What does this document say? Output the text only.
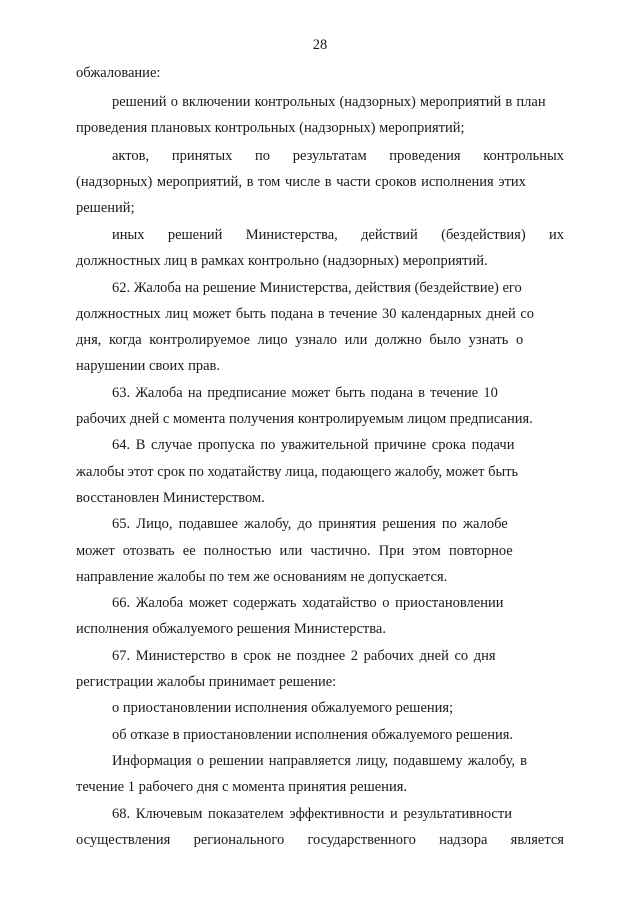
28
обжалование:
решений о включении контрольных (надзорных) мероприятий в план
проведения плановых контрольных (надзорных) мероприятий;
актов, принятых по результатам проведения контрольных
(надзорных) мероприятий, в том числе в части сроков исполнения этих
решений;
иных решений Министерства, действий (бездействия) их
должностных лиц в рамках контрольно (надзорных) мероприятий.
62. Жалоба на решение Министерства, действия (бездействие) его
должностных лиц может быть подана в течение 30 календарных дней со
дня, когда контролируемое лицо узнало или должно было узнать о
нарушении своих прав.
63. Жалоба на предписание может быть подана в течение 10
рабочих дней с момента получения контролируемым лицом предписания.
64. В случае пропуска по уважительной причине срока подачи
жалобы этот срок по ходатайству лица, подающего жалобу, может быть
восстановлен Министерством.
65. Лицо, подавшее жалобу, до принятия решения по жалобе
может отозвать ее полностью или частично. При этом повторное
направление жалобы по тем же основаниям не допускается.
66. Жалоба может содержать ходатайство о приостановлении
исполнения обжалуемого решения Министерства.
67. Министерство в срок не позднее 2 рабочих дней со дня
регистрации жалобы принимает решение:
о приостановлении исполнения обжалуемого решения;
об отказе в приостановлении исполнения обжалуемого решения.
Информация о решении направляется лицу, подавшему жалобу, в
течение 1 рабочего дня с момента принятия решения.
68. Ключевым показателем эффективности и результативности
осуществления регионального государственного надзора является
